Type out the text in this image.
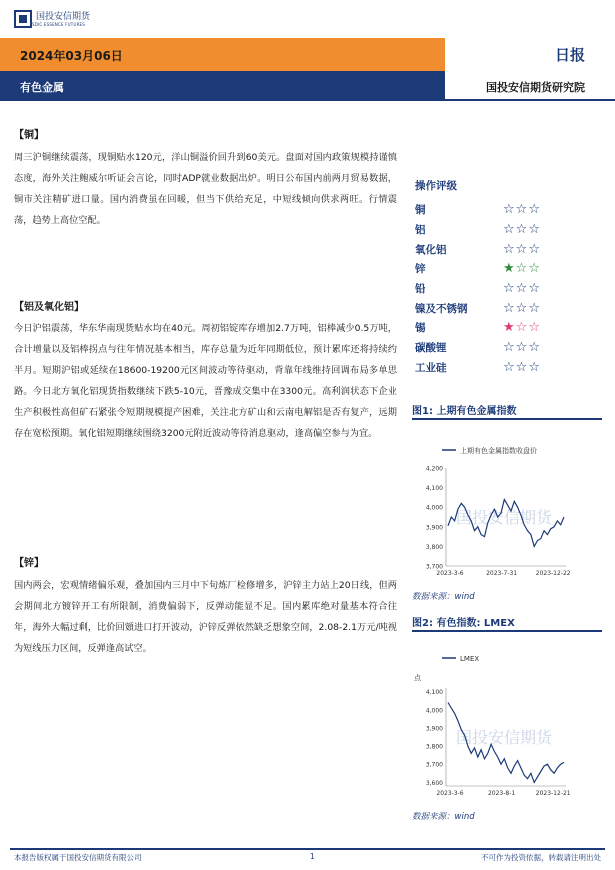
国投安信期货
SDIC ESSENCE FUTURES
2024年03月06日	日报
有色金属	国投安信期货研究院
【铜】
周三沪铜继续震荡，现铜贴水120元，洋山铜溢价回升到60美元。盘面对国内政策规模持谨慎态度，海外关注鲍威尔听证会言论，同时ADP就业数据出炉。明日公布国内前两月贸易数据，铜市关注精矿进口量。国内消费虽在回暖，但当下供给充足，中短线倾向供求两旺。行情震荡，趋势上高位空配。
【铝及氧化铝】
今日沪铝震荡，华东华南现货贴水均在40元。周初铝锭库存增加2.7万吨，铝棒减少0.5万吨，合计增量以及铝棒拐点与往年情况基本相当，库存总量为近年同期低位，预计累库还将持续约半月。短期沪铝或延续在18600-19200元区间波动等待驱动，背靠年线维持回调布局多单思路。今日北方氧化铝现货指数继续下跌5-10元，晋豫成交集中在3300元。高利润状态下企业生产积极性高但矿石紧张令短期规模提产困难，关注北方矿山和云南电解铝是否有复产，远期存在宽松预期。氧化铝短期继续围绕3200元附近波动等待消息驱动，逢高偏空参与为宜。
【锌】
国内两会，宏观情绪偏乐观，叠加国内三月中下旬炼厂检修增多，沪锌主力站上20日线，但两会期间北方镀锌开工有所限制，消费偏弱下，反弹动能显不足。国内累库绝对量基本符合往年，海外大幅过剩，比价回頞进口打开波动，沪锌反弹依然缺乏想象空间，2.08-2.1万元/吨视为短线压力区间，反弹逢高试空。
操作评级
铜	☆☆☆
铝	☆☆☆
氧化铝	☆☆☆
锌	★☆☆
铅	☆☆☆
镍及不锈钢	☆☆☆
锡	★☆☆
碳酸锂	☆☆☆
工业硅	☆☆☆
图1: 上期有色金属指数
国投安信期货
上期有色金属指数收盘价
3,700
3,800
3,900
4,000
4,100
4,200
2023-3-6	2023-7-31	2023-12-22
数据来源：wind
图2: 有色指数: LMEX
国投安信期货
LMEX
点
3,600
3,700
3,800
3,900
4,000
4,100
2023-3-6	2023-8-1	2023-12-21
数据来源：wind
本报告版权属于国投安信期货有限公司	1	不可作为投资依据，转载请注明出处
